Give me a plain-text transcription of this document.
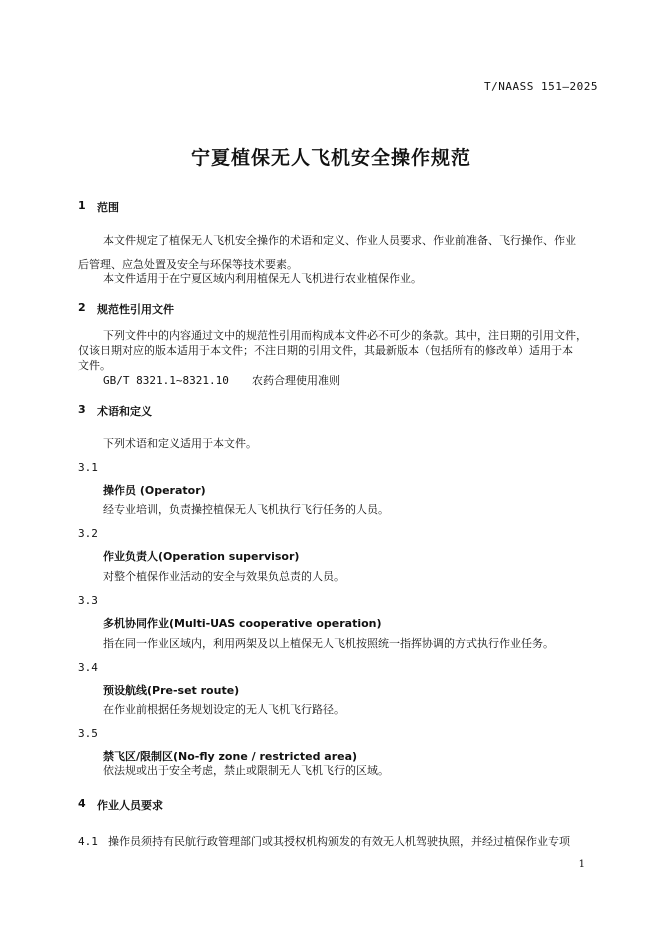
T/NAASS 151—2025
宁夏植保无人飞机安全操作规范
1 范围
本文件规定了植保无人飞机安全操作的术语和定义、作业人员要求、作业前准备、飞行操作、作业
后管理、应急处置及安全与环保等技术要素。
本文件适用于在宁夏区域内利用植保无人飞机进行农业植保作业。
2 规范性引用文件
下列文件中的内容通过文中的规范性引用而构成本文件必不可少的条款。其中，注日期的引用文件，
仅该日期对应的版本适用于本文件；不注日期的引用文件，其最新版本（包括所有的修改单）适用于本
文件。
GB/T 8321.1~8321.10 农药合理使用准则
3 术语和定义
下列术语和定义适用于本文件。
3.1
操作员 (Operator)
经专业培训，负责操控植保无人飞机执行飞行任务的人员。
3.2
作业负责人(Operation supervisor)
对整个植保作业活动的安全与效果负总责的人员。
3.3
多机协同作业(Multi-UAS cooperative operation)
指在同一作业区域内，利用两架及以上植保无人飞机按照统一指挥协调的方式执行作业任务。
3.4
预设航线(Pre-set route)
在作业前根据任务规划设定的无人飞机飞行路径。
3.5
禁飞区/限制区(No-fly zone / restricted area)
依法规或出于安全考虑，禁止或限制无人飞机飞行的区域。
4 作业人员要求
4.1 操作员须持有民航行政管理部门或其授权机构颁发的有效无人机驾驶执照，并经过植保作业专项
1
